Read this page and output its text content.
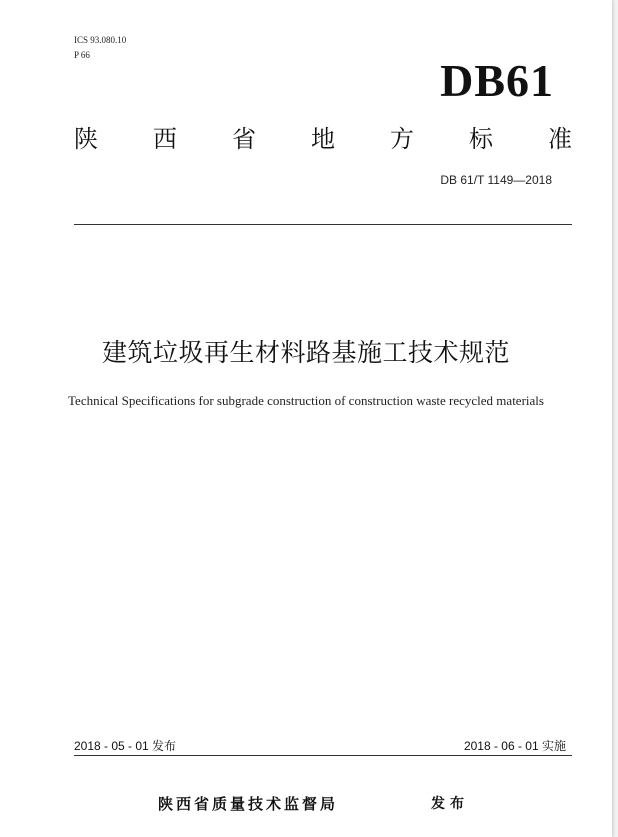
ICS 93.080.10
P 66	DB61
陕 西 省 地 方 标 准
DB 61/T 1149—2018
建筑垃圾再生材料路基施工技术规范
Technical Specifications for subgrade construction of construction waste recycled materials
2018 - 05 - 01 发布	2018 - 06 - 01 实施
陕西省质量技术监督局	发布
